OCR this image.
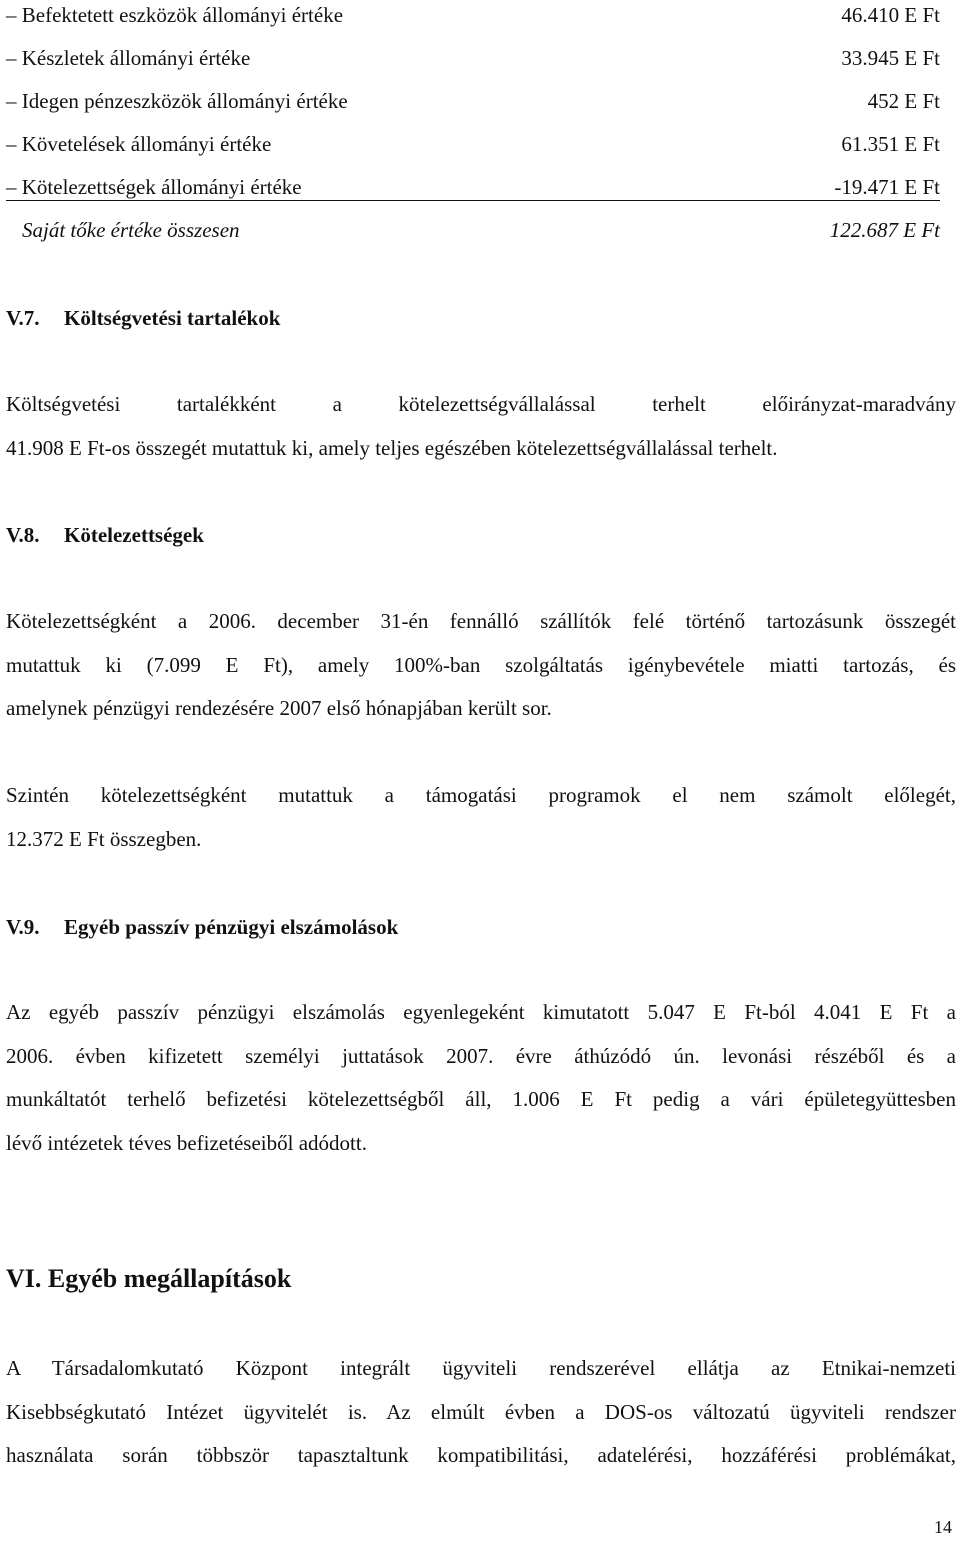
– Befektetett eszközök állományi értéke	46.410 E Ft
– Készletek állományi értéke	33.945 E Ft
– Idegen pénzeszközök állományi értéke	452 E Ft
– Követelések állományi értéke	61.351 E Ft
– Kötelezettségek állományi értéke	-19.471 E Ft
Saját tőke értéke összesen	122.687 E Ft
V.7. Költségvetési tartalékok
Költségvetési tartalékként a kötelezettségvállalással terhelt előirányzat-maradvány
41.908 E Ft-os összegét mutattuk ki, amely teljes egészében kötelezettségvállalással terhelt.
V.8. Kötelezettségek
Kötelezettségként a 2006. december 31-én fennálló szállítók felé történő tartozásunk összegét
mutattuk ki (7.099 E Ft), amely 100%-ban szolgáltatás igénybevétele miatti tartozás, és
amelynek pénzügyi rendezésére 2007 első hónapjában került sor.
Szintén kötelezettségként mutattuk a támogatási programok el nem számolt előlegét,
12.372 E Ft összegben.
V.9. Egyéb passzív pénzügyi elszámolások
Az egyéb passzív pénzügyi elszámolás egyenlegeként kimutatott 5.047 E Ft-ból 4.041 E Ft a
2006. évben kifizetett személyi juttatások 2007. évre áthúzódó ún. levonási részéből és a
munkáltatót terhelő befizetési kötelezettségből áll, 1.006 E Ft pedig a vári épületegyüttesben
lévő intézetek téves befizetéseiből adódott.
VI. Egyéb megállapítások
A Társadalomkutató Központ integrált ügyviteli rendszerével ellátja az Etnikai-nemzeti
Kisebbségkutató Intézet ügyvitelét is. Az elmúlt évben a DOS-os változatú ügyviteli rendszer
használata során többször tapasztaltunk kompatibilitási, adatelérési, hozzáférési problémákat,
14
